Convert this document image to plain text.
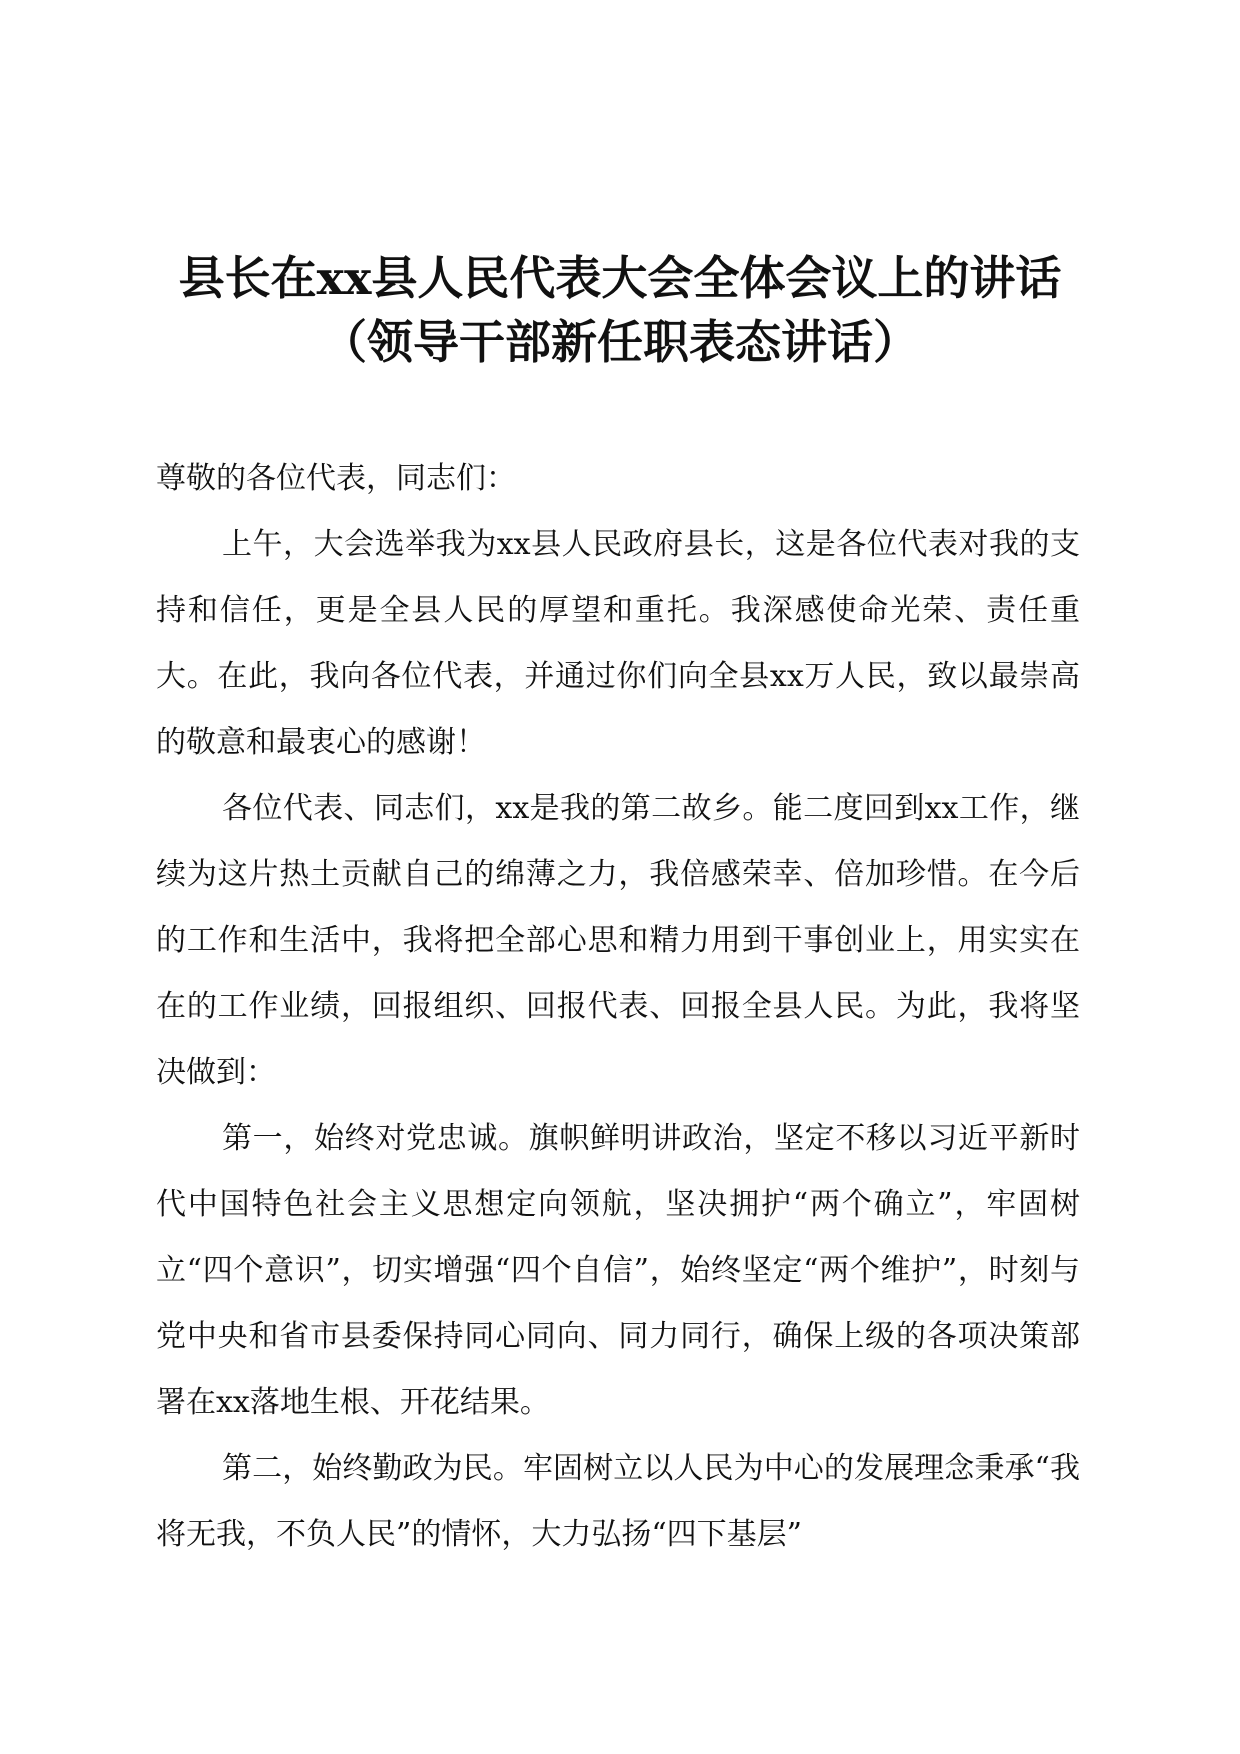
县长在xx县人民代表大会全体会议上的讲话
（领导干部新任职表态讲话）

尊敬的各位代表，同志们：

上午，大会选举我为xx县人民政府县长，这是各位代表对我的支持和信任，更是全县人民的厚望和重托。我深感使命光荣、责任重大。在此，我向各位代表，并通过你们向全县xx万人民，致以最崇高的敬意和最衷心的感谢！

各位代表、同志们，xx是我的第二故乡。能二度回到xx工作，继续为这片热土贡献自己的绵薄之力，我倍感荣幸、倍加珍惜。在今后的工作和生活中，我将把全部心思和精力用到干事创业上，用实实在在的工作业绩，回报组织、回报代表、回报全县人民。为此，我将坚决做到：

第一，始终对党忠诚。旗帜鲜明讲政治，坚定不移以习近平新时代中国特色社会主义思想定向领航，坚决拥护“两个确立”，牢固树立“四个意识”，切实增强“四个自信”，始终坚定“两个维护”，时刻与党中央和省市县委保持同心同向、同力同行，确保上级的各项决策部署在xx落地生根、开花结果。

第二，始终勤政为民。牢固树立以人民为中心的发展理念秉承“我将无我，不负人民”的情怀，大力弘扬“四下基层”
